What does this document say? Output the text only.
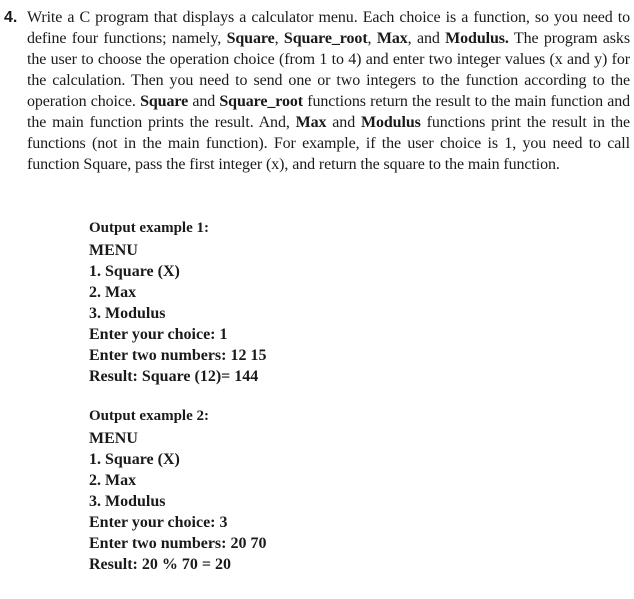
4. Write a C program that displays a calculator menu. Each choice is a function, so you need to define four functions; namely, Square, Square_root, Max, and Modulus. The program asks the user to choose the operation choice (from 1 to 4) and enter two integer values (x and y) for the calculation. Then you need to send one or two integers to the function according to the operation choice. Square and Square_root functions return the result to the main function and the main function prints the result. And, Max and Modulus functions print the result in the functions (not in the main function). For example, if the user choice is 1, you need to call function Square, pass the first integer (x), and return the square to the main function.
Output example 1:
MENU
1. Square (X)
2. Max
3. Modulus
Enter your choice: 1
Enter two numbers: 12 15
Result: Square (12)= 144
Output example 2:
MENU
1. Square (X)
2. Max
3. Modulus
Enter your choice: 3
Enter two numbers: 20 70
Result: 20 % 70 = 20
